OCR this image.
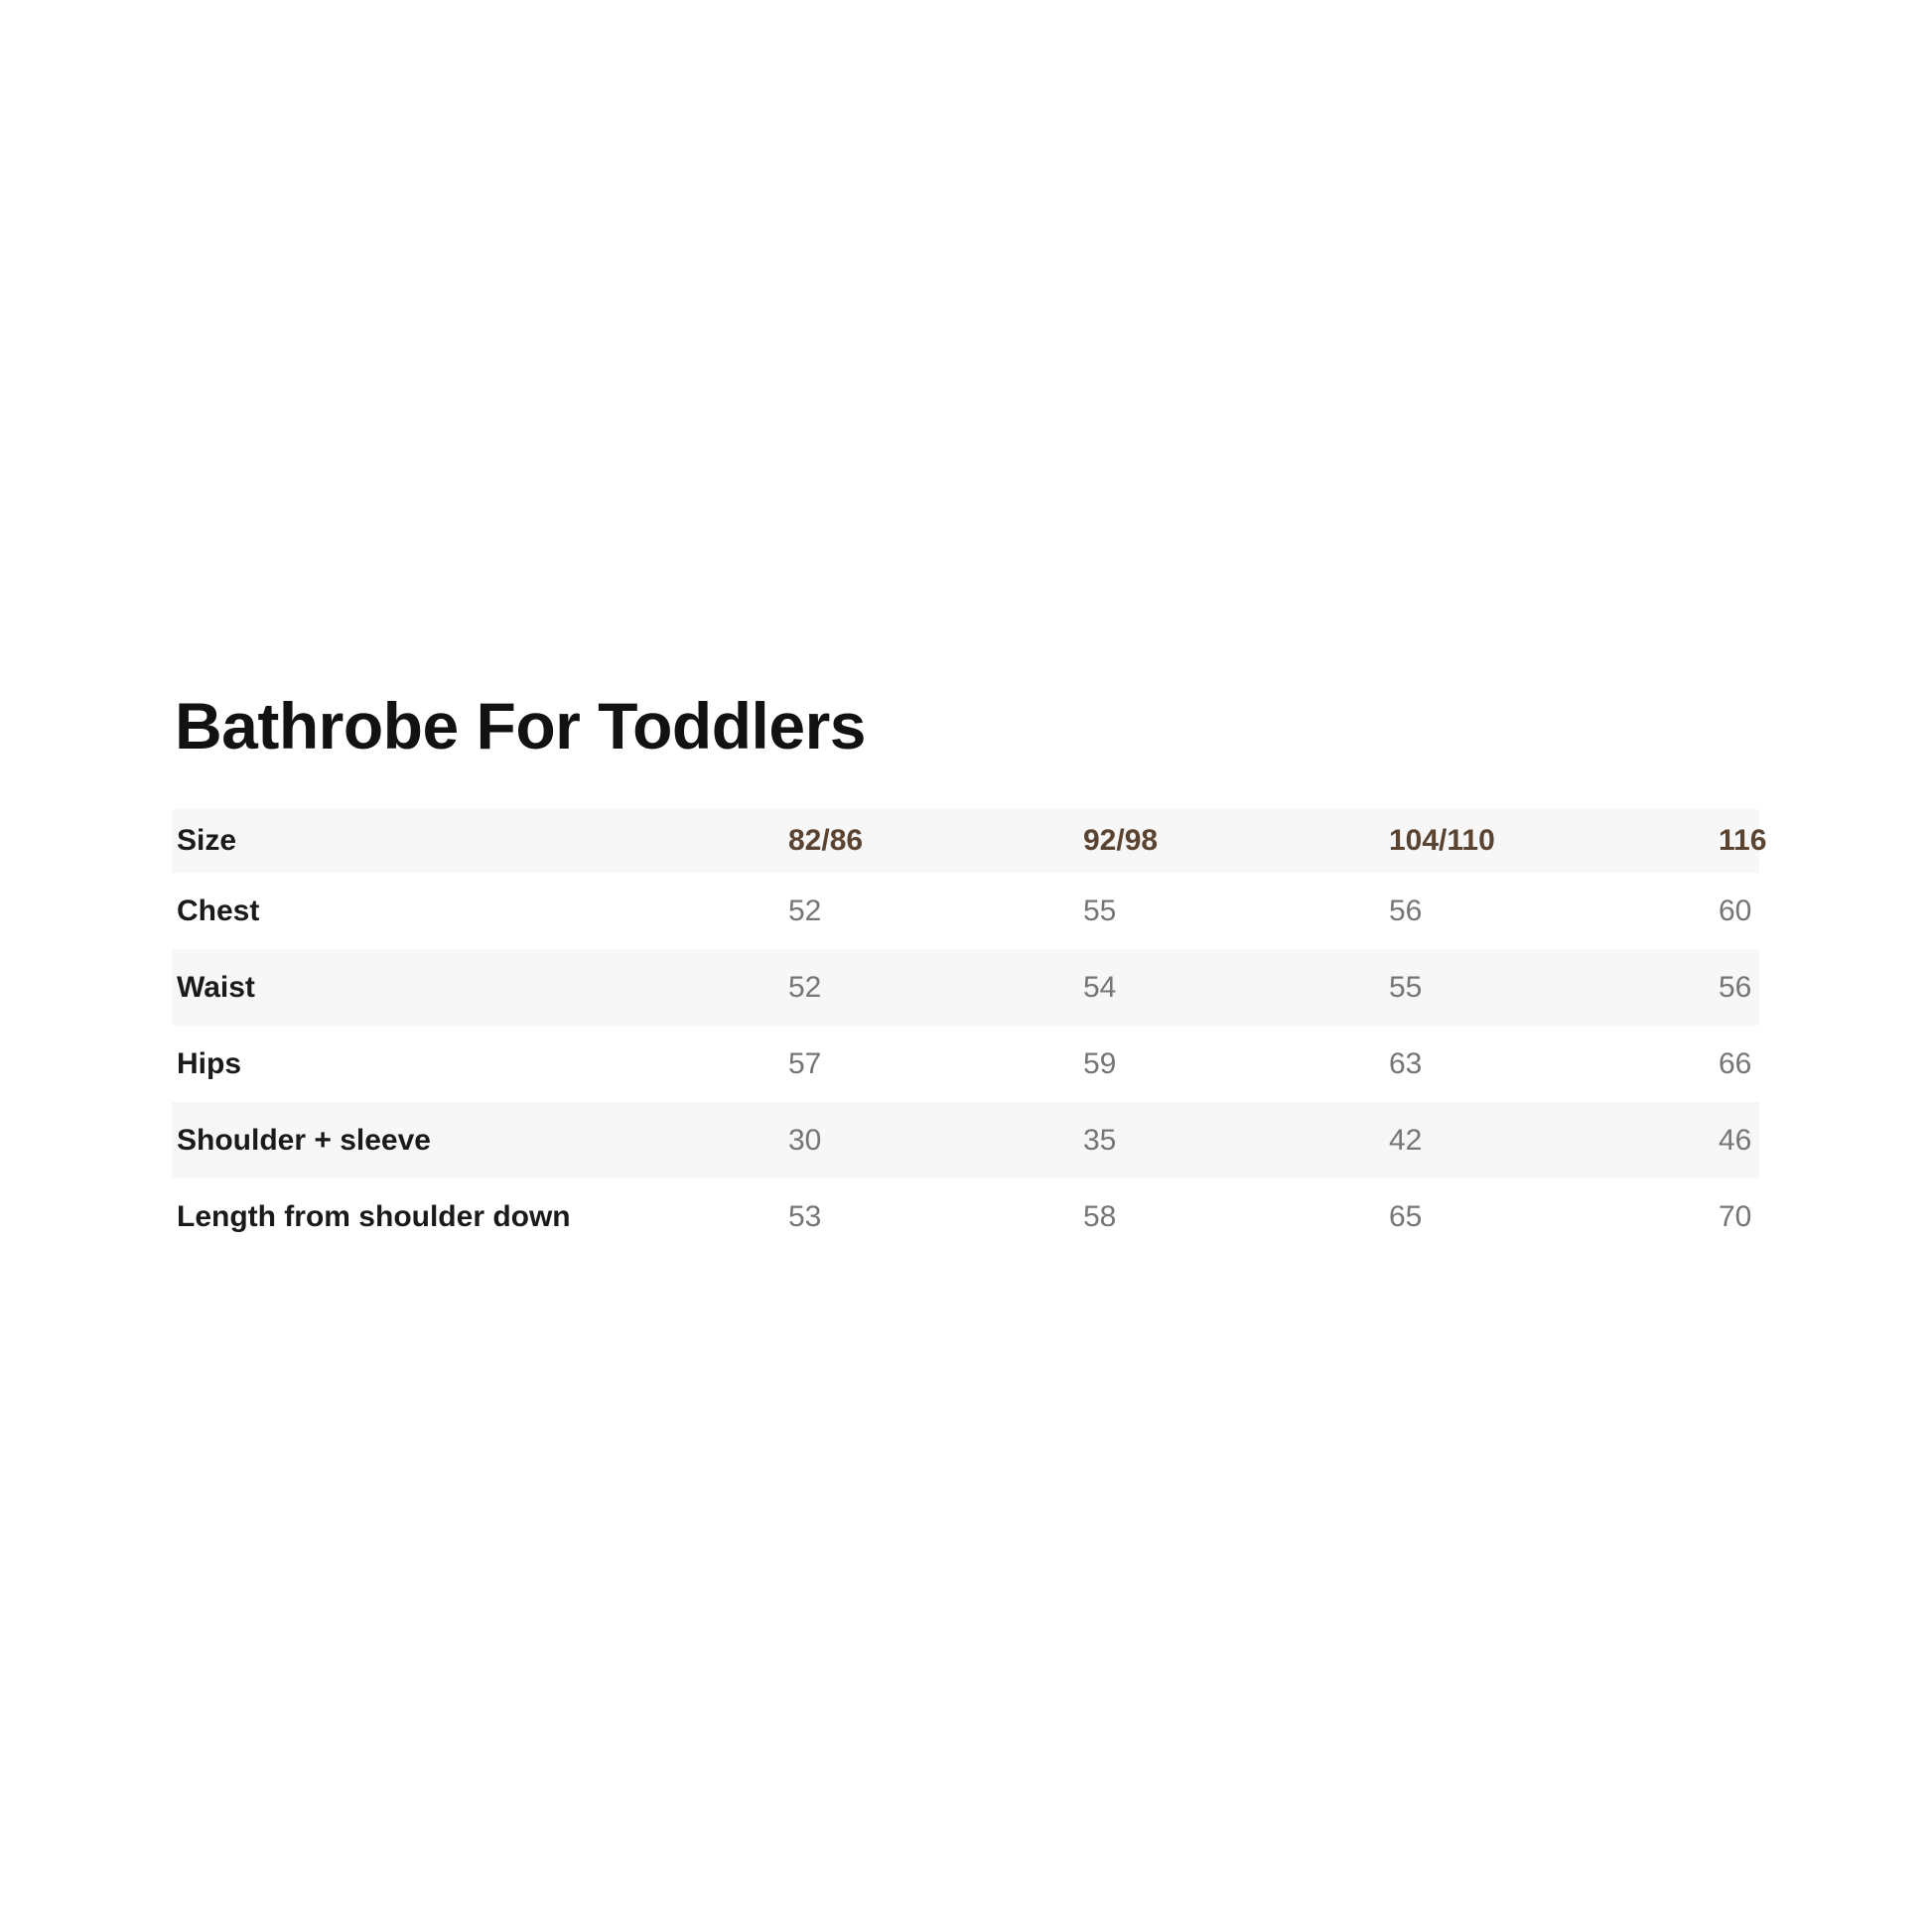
Bathrobe For Toddlers
Size	82/86	92/98	104/110	116
Chest	52	55	56	60
Waist	52	54	55	56
Hips	57	59	63	66
Shoulder + sleeve	30	35	42	46
Length from shoulder down	53	58	65	70
